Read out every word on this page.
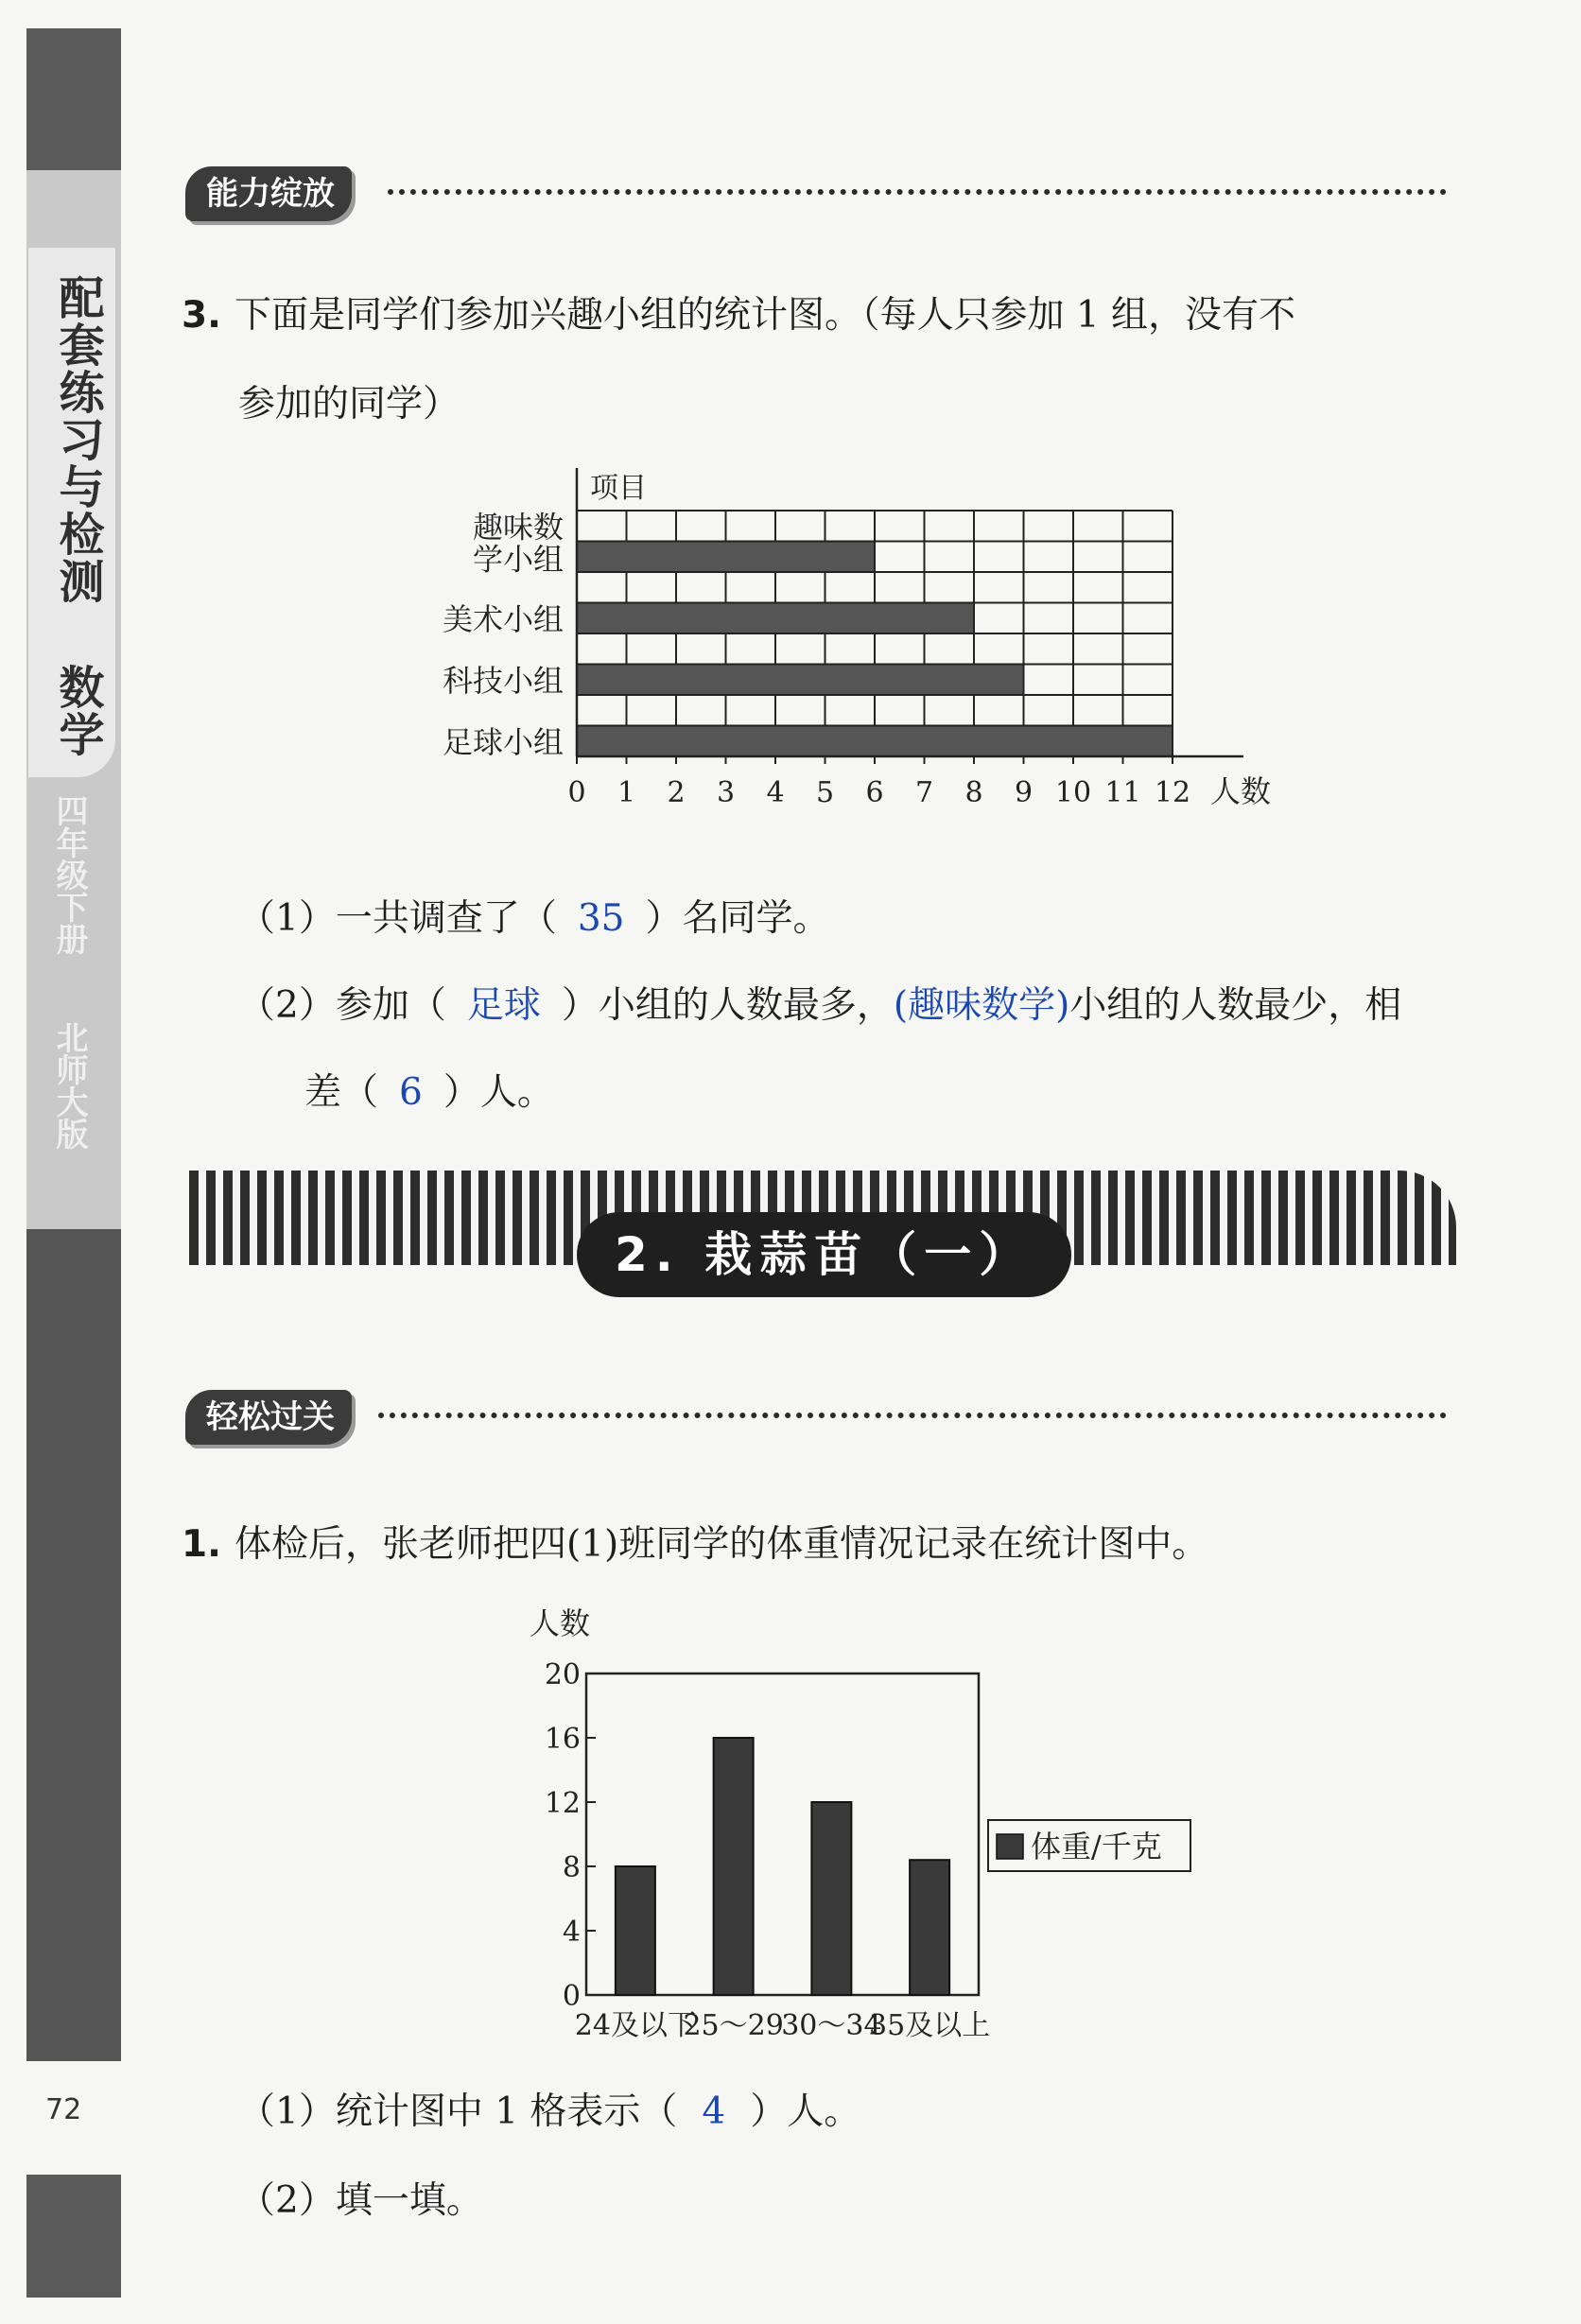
配套练习与检测
数学
四年级下册
北师大版
72
能力绽放
3. 下面是同学们参加兴趣小组的统计图。（每人只参加 1 组，没有不
参加的同学）
趣味数
学小组
美术小组
科技小组
足球小组
项目
0 1 2 3 4 5 6 7 8 9 10 11 12 人数
（1）一共调查了（ 35 ）名同学。
（2）参加（ 足球 ）小组的人数最多，(趣味数学)小组的人数最少，相
差（ 6 ）人。
2. 栽蒜苗（一）
轻松过关
1. 体检后，张老师把四(1)班同学的体重情况记录在统计图中。
0
4
8
12
16
20
人数
24及以下
25～29
30～34
35及以上
体重/千克
（1）统计图中 1 格表示（ 4 ）人。
（2）填一填。
